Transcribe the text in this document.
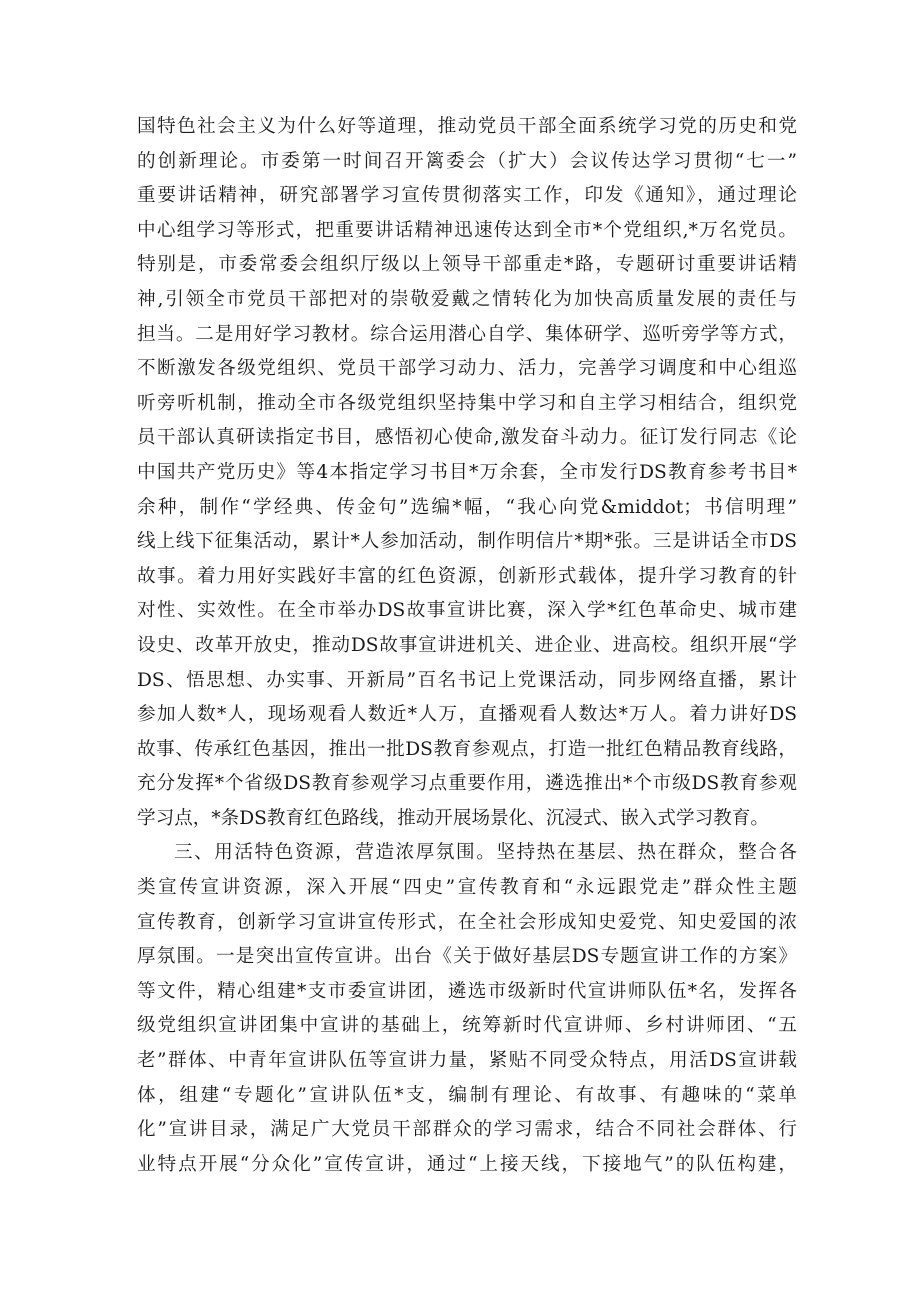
国特色社会主义为什么好等道理，推动党员干部全面系统学习党的历史和党
的创新理论。市委第一时间召开篱委会（扩大）会议传达学习贯彻“七一”
重要讲话精神，研究部署学习宣传贯彻落实工作，印发《通知》，通过理论
中心组学习等形式，把重要讲话精神迅速传达到全市*个党组织,*万名党员。
特别是，市委常委会组织厅级以上领导干部重走*路，专题研讨重要讲话精
神,引领全市党员干部把对的崇敬爱戴之情转化为加快高质量发展的责任与
担当。二是用好学习教材。综合运用潜心自学、集体研学、巡听旁学等方式，
不断激发各级党组织、党员干部学习动力、活力，完善学习调度和中心组巡
听旁听机制，推动全市各级党组织坚持集中学习和自主学习相结合，组织党
员干部认真研读指定书目，感悟初心使命,激发奋斗动力。征订发行同志《论
中国共产党历史》等4本指定学习书目*万余套，全市发行DS教育参考书目*
余种，制作“学经典、传金句”选编*幅，“我心向党&middot；书信明理”
线上线下征集活动，累计*人参加活动，制作明信片*期*张。三是讲话全市DS
故事。着力用好实践好丰富的红色资源，创新形式载体，提升学习教育的针
对性、实效性。在全市举办DS故事宣讲比赛，深入学*红色革命史、城市建
设史、改革开放史，推动DS故事宣讲进机关、进企业、进高校。组织开展“学
DS、悟思想、办实事、开新局”百名书记上党课活动，同步网络直播，累计
参加人数*人，现场观看人数近*人万，直播观看人数达*万人。着力讲好DS
故事、传承红色基因，推出一批DS教育参观点，打造一批红色精品教育线路，
充分发挥*个省级DS教育参观学习点重要作用，遴选推出*个市级DS教育参观
学习点，*条DS教育红色路线，推动开展场景化、沉浸式、嵌入式学习教育。
三、用活特色资源，营造浓厚氛围。坚持热在基层、热在群众，整合各
类宣传宣讲资源，深入开展“四史”宣传教育和“永远跟党走”群众性主题
宣传教育，创新学习宣讲宣传形式，在全社会形成知史爱党、知史爱国的浓
厚氛围。一是突出宣传宣讲。出台《关于做好基层DS专题宣讲工作的方案》
等文件，精心组建*支市委宣讲团，遴选市级新时代宣讲师队伍*名，发挥各
级党组织宣讲团集中宣讲的基础上，统筹新时代宣讲师、乡村讲师团、“五
老”群体、中青年宣讲队伍等宣讲力量，紧贴不同受众特点，用活DS宣讲载
体，组建“专题化”宣讲队伍*支，编制有理论、有故事、有趣味的“菜单
化”宣讲目录，满足广大党员干部群众的学习需求，结合不同社会群体、行
业特点开展“分众化”宣传宣讲，通过“上接天线，下接地气”的队伍构建，
